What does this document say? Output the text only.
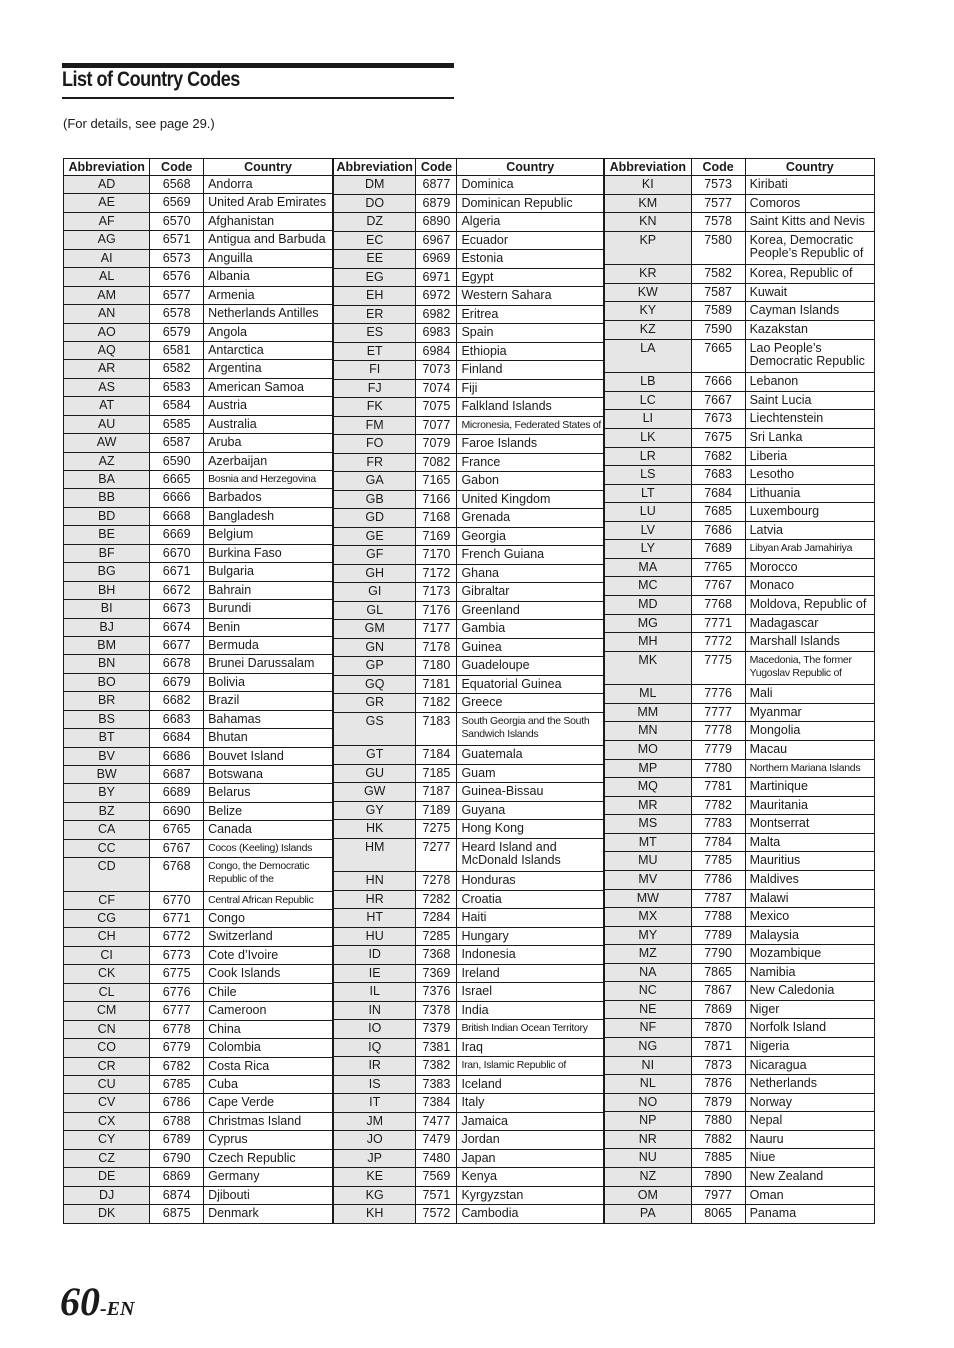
List of Country Codes
(For details, see page 29.)
Abbreviation	Code	Country
AD	6568	Andorra
AE	6569	United Arab Emirates
AF	6570	Afghanistan
AG	6571	Antigua and Barbuda
AI	6573	Anguilla
AL	6576	Albania
AM	6577	Armenia
AN	6578	Netherlands Antilles
AO	6579	Angola
AQ	6581	Antarctica
AR	6582	Argentina
AS	6583	American Samoa
AT	6584	Austria
AU	6585	Australia
AW	6587	Aruba
AZ	6590	Azerbaijan
BA	6665	Bosnia and Herzegovina
BB	6666	Barbados
BD	6668	Bangladesh
BE	6669	Belgium
BF	6670	Burkina Faso
BG	6671	Bulgaria
BH	6672	Bahrain
BI	6673	Burundi
BJ	6674	Benin
BM	6677	Bermuda
BN	6678	Brunei Darussalam
BO	6679	Bolivia
BR	6682	Brazil
BS	6683	Bahamas
BT	6684	Bhutan
BV	6686	Bouvet Island
BW	6687	Botswana
BY	6689	Belarus
BZ	6690	Belize
CA	6765	Canada
CC	6767	Cocos (Keeling) Islands
CD	6768	Congo, the Democratic Republic of the
CF	6770	Central African Republic
CG	6771	Congo
CH	6772	Switzerland
CI	6773	Cote d’Ivoire
CK	6775	Cook Islands
CL	6776	Chile
CM	6777	Cameroon
CN	6778	China
CO	6779	Colombia
CR	6782	Costa Rica
CU	6785	Cuba
CV	6786	Cape Verde
CX	6788	Christmas Island
CY	6789	Cyprus
CZ	6790	Czech Republic
DE	6869	Germany
DJ	6874	Djibouti
DK	6875	Denmark
Abbreviation	Code	Country
DM	6877	Dominica
DO	6879	Dominican Republic
DZ	6890	Algeria
EC	6967	Ecuador
EE	6969	Estonia
EG	6971	Egypt
EH	6972	Western Sahara
ER	6982	Eritrea
ES	6983	Spain
ET	6984	Ethiopia
FI	7073	Finland
FJ	7074	Fiji
FK	7075	Falkland Islands
FM	7077	Micronesia, Federated States of
FO	7079	Faroe Islands
FR	7082	France
GA	7165	Gabon
GB	7166	United Kingdom
GD	7168	Grenada
GE	7169	Georgia
GF	7170	French Guiana
GH	7172	Ghana
GI	7173	Gibraltar
GL	7176	Greenland
GM	7177	Gambia
GN	7178	Guinea
GP	7180	Guadeloupe
GQ	7181	Equatorial Guinea
GR	7182	Greece
GS	7183	South Georgia and the South Sandwich Islands
GT	7184	Guatemala
GU	7185	Guam
GW	7187	Guinea-Bissau
GY	7189	Guyana
HK	7275	Hong Kong
HM	7277	Heard Island and McDonald Islands
HN	7278	Honduras
HR	7282	Croatia
HT	7284	Haiti
HU	7285	Hungary
ID	7368	Indonesia
IE	7369	Ireland
IL	7376	Israel
IN	7378	India
IO	7379	British Indian Ocean Territory
IQ	7381	Iraq
IR	7382	Iran, Islamic Republic of
IS	7383	Iceland
IT	7384	Italy
JM	7477	Jamaica
JO	7479	Jordan
JP	7480	Japan
KE	7569	Kenya
KG	7571	Kyrgyzstan
KH	7572	Cambodia
Abbreviation	Code	Country
KI	7573	Kiribati
KM	7577	Comoros
KN	7578	Saint Kitts and Nevis
KP	7580	Korea, Democratic People’s Republic of
KR	7582	Korea, Republic of
KW	7587	Kuwait
KY	7589	Cayman Islands
KZ	7590	Kazakstan
LA	7665	Lao People’s Democratic Republic
LB	7666	Lebanon
LC	7667	Saint Lucia
LI	7673	Liechtenstein
LK	7675	Sri Lanka
LR	7682	Liberia
LS	7683	Lesotho
LT	7684	Lithuania
LU	7685	Luxembourg
LV	7686	Latvia
LY	7689	Libyan Arab Jamahiriya
MA	7765	Morocco
MC	7767	Monaco
MD	7768	Moldova, Republic of
MG	7771	Madagascar
MH	7772	Marshall Islands
MK	7775	Macedonia, The former Yugoslav Republic of
ML	7776	Mali
MM	7777	Myanmar
MN	7778	Mongolia
MO	7779	Macau
MP	7780	Northern Mariana Islands
MQ	7781	Martinique
MR	7782	Mauritania
MS	7783	Montserrat
MT	7784	Malta
MU	7785	Mauritius
MV	7786	Maldives
MW	7787	Malawi
MX	7788	Mexico
MY	7789	Malaysia
MZ	7790	Mozambique
NA	7865	Namibia
NC	7867	New Caledonia
NE	7869	Niger
NF	7870	Norfolk Island
NG	7871	Nigeria
NI	7873	Nicaragua
NL	7876	Netherlands
NO	7879	Norway
NP	7880	Nepal
NR	7882	Nauru
NU	7885	Niue
NZ	7890	New Zealand
OM	7977	Oman
PA	8065	Panama
60-EN
